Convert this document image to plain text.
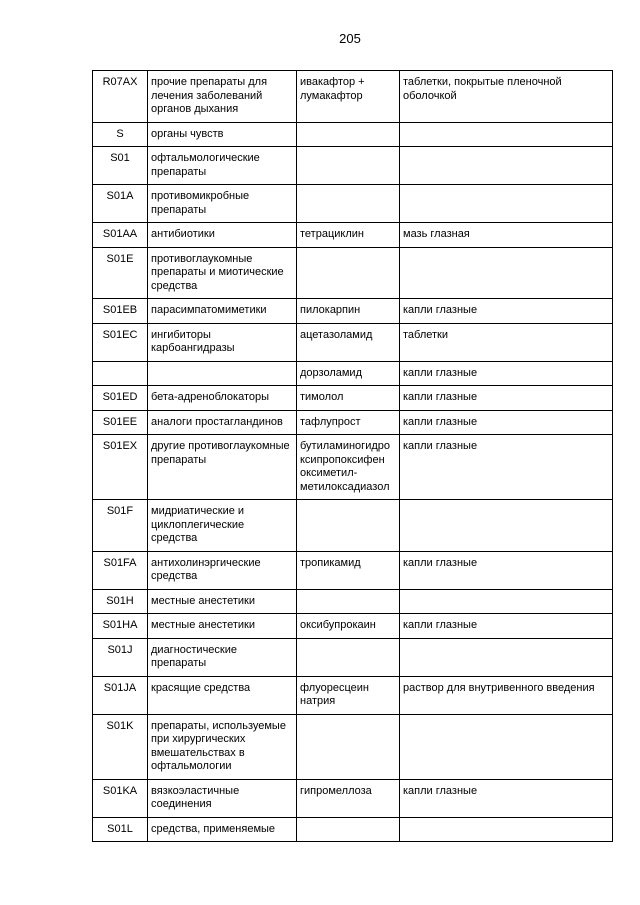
205
R07AX	прочие препараты для лечения заболеваний органов дыхания	ивакафтор + лумакафтор	таблетки, покрытые пленочной оболочкой
S	органы чувств		
S01	офтальмологические препараты		
S01A	противомикробные препараты		
S01AA	антибиотики	тетрациклин	мазь глазная
S01E	противоглаукомные препараты и миотические средства		
S01EB	парасимпатомиметики	пилокарпин	капли глазные
S01EC	ингибиторы карбоангидразы	ацетазоламид	таблетки
		дорзоламид	капли глазные
S01ED	бета-адреноблокаторы	тимолол	капли глазные
S01EE	аналоги простагландинов	тафлупрост	капли глазные
S01EX	другие противоглаукомные препараты	бутиламиногидро ксипропоксифен оксиметил-метилоксадиазол	капли глазные
S01F	мидриатические и циклоплегические средства		
S01FA	антихолинэргические средства	тропикамид	капли глазные
S01H	местные анестетики		
S01HA	местные анестетики	оксибупрокаин	капли глазные
S01J	диагностические препараты		
S01JA	красящие средства	флуоресцеин натрия	раствор для внутривенного введения
S01K	препараты, используемые при хирургических вмешательствах в офтальмологии		
S01KA	вязкоэластичные соединения	гипромеллоза	капли глазные
S01L	средства, применяемые		
